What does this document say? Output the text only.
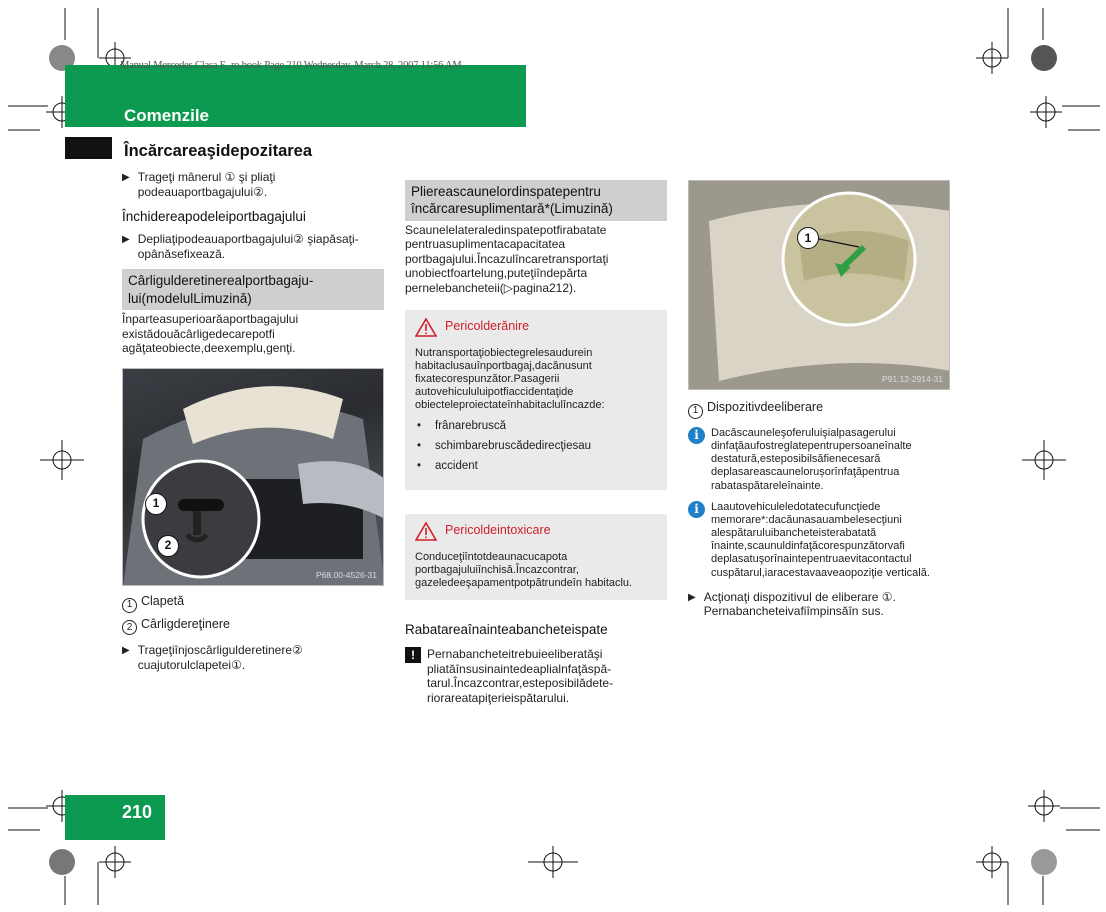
Manual Mercedes Clasa E_ro.book Page 210 Wednesday, March 28, 2007 11:56 AM
Comenzile
Încărcareaşidepozitarea
▶ Trageţi mânerul ① şi pliaţi podeauaportbagajului②.
Închidereapodeleiportbagajului
▶ Depliaţipodeauaportbagajului② şiapăsaţi-opânăsefixează.
Cârligulderetinerealportbagaju-lui(modelulLimuzină)
Înparteasuperioarăaportbagajului existădouăcârligedecarepotfi agăţateobiecte,deexemplu,genţi.
1
2
P68.00-4526-31
1 Clapetă
2 Cârligdereţinere
▶ Trageţiînjoscârligulderetinere② cuajutorulclapetei①.
Pliereascaunelordinspatepentru încărcaresuplimentară*(Limuzină)
Scaunelelateraledinspatepotfirabatate pentruasuplimentacapacitatea portbagajului.Încazulîncaretransportaţi unobiectfoartelung,puteţiîndepărta pernelebancheteii(▷pagina212).
Pericolderănire
Nutransportaţiobiectegrelesaudurein habitaclusauînportbagaj,dacănusunt fixatecorespunzător.Pasagerii autovehicululuipotfiaccidentaţide obiecteleproiectateînhabitaclulîncazde:
• frânarebruscă
• schimbarebruscădedirecţiesau
• accident
Pericoldeintoxicare
Conduceţiîntotdeaunacucapota portbagajuluiînchisă.Încazcontrar, gazeledeeşapamentpotpătrundeîn habitaclu.
Rabatareaînainteabancheteispate
!	Pernabancheteitrebuieeliberatăşi pliatăînsusinaintedeaplialnfaţăspă-tarul.Încazcontrar,esteposibilădete-riorareatapiţerieispătarului.
1
P91.12-2914-31
1 Dispozitivdeeliberare
i	Dacăscauneleşoferuluişialpasagerului dinfaţăaufostreglatepentrupersoaneînalte destatură,esteposibilsăfienecesară deplasareascaunelorușorînfaţăpentrua rabataspătareleînainte.
i	Laautovehiculeledotatecufuncţiede memorare*:dacăunasauambelesecţiuni alespătaruluibancheteisterabatată înainte,scaunuldinfaţăcorespunzătorvafi deplasatuşorînaintepentruaevitacontactul cuspătarul,iaracestavaaveaopoziţie verticală.
▶ Acţionaţi dispozitivul de eliberare ①.
Pernabancheteivafiîmpinsăîn sus.
210
